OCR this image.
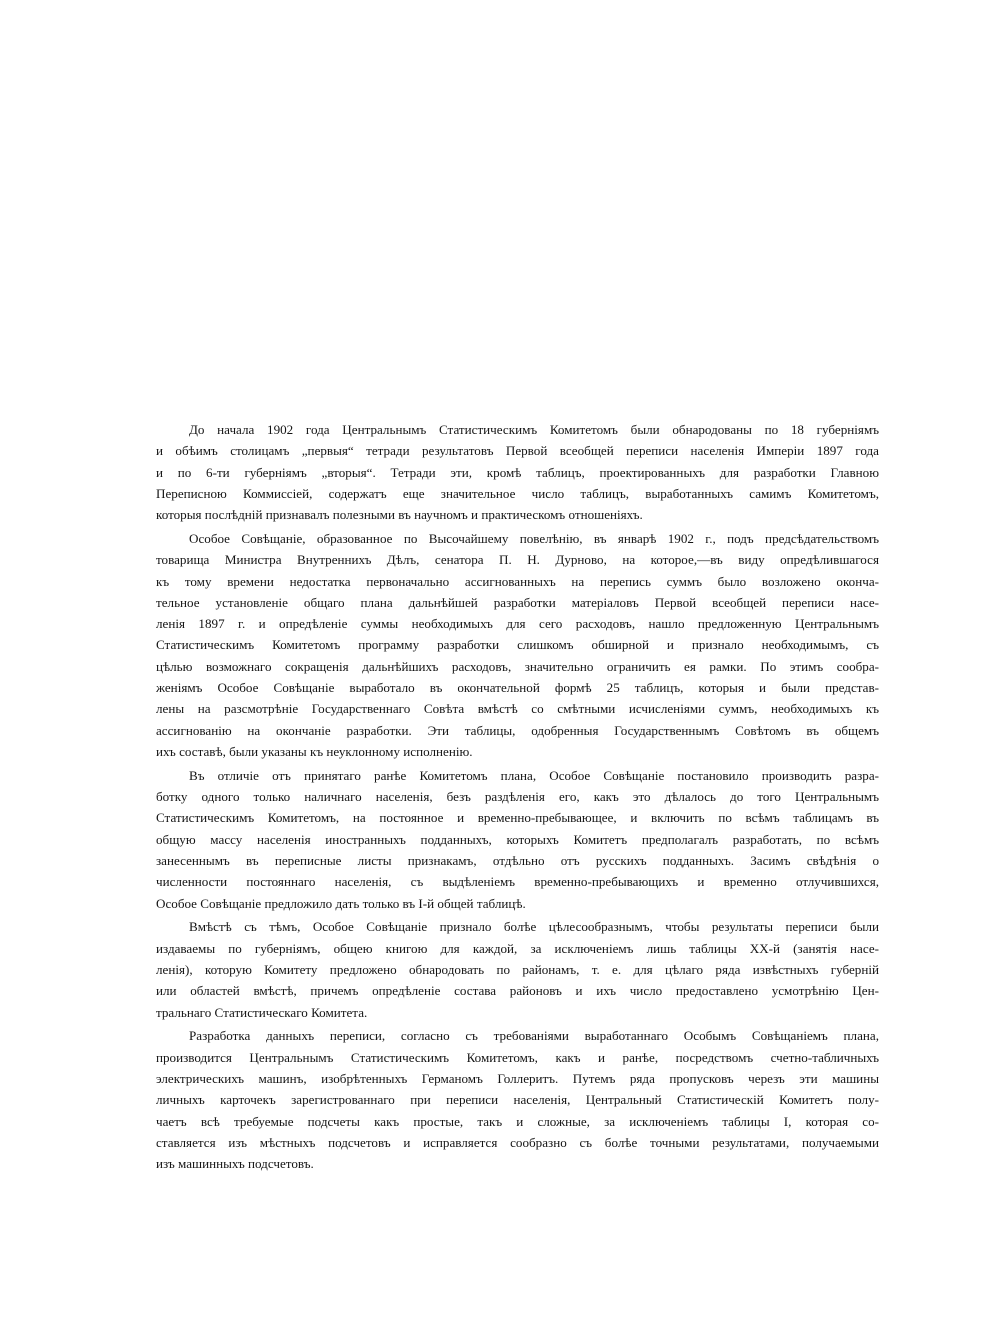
До начала 1902 года Центральнымъ Статистическимъ Комитетомъ были обнародованы по 18 губерніямъ
и обѣимъ столицамъ „первыя“ тетради результатовъ Первой всеобщей переписи населенія Имперіи 1897 года
и по 6-ти губерніямъ „вторыя“. Тетради эти, кромѣ таблицъ, проектированныхъ для разработки Главною
Переписною Коммиссіей, содержатъ еще значительное число таблицъ, выработанныхъ самимъ Комитетомъ,
которыя послѣдній признавалъ полезными въ научномъ и практическомъ отношеніяхъ.
Особое Совѣщаніе, образованное по Высочайшему повелѣнію, въ январѣ 1902 г., подъ предсѣдательствомъ
товарища Министра Внутреннихъ Дѣлъ, сенатора П. Н. Дурново, на которое,—въ виду опредѣлившагося
къ тому времени недостатка первоначально ассигнованныхъ на перепись суммъ было возложено оконча-
тельное установленіе общаго плана дальнѣйшей разработки матеріаловъ Первой всеобщей переписи насе-
ленія 1897 г. и опредѣленіе суммы необходимыхъ для сего расходовъ, нашло предложенную Центральнымъ
Статистическимъ Комитетомъ программу разработки слишкомъ обширной и признало необходимымъ, съ
цѣлью возможнаго сокращенія дальнѣйшихъ расходовъ, значительно ограничить ея рамки. По этимъ сообра-
женіямъ Особое Совѣщаніе выработало въ окончательной формѣ 25 таблицъ, которыя и были представ-
лены на разсмотрѣніе Государственнаго Совѣта вмѣстѣ со смѣтными исчисленіями суммъ, необходимыхъ къ
ассигнованію на окончаніе разработки. Эти таблицы, одобренныя Государственнымъ Совѣтомъ въ общемъ
ихъ составѣ, были указаны къ неуклонному исполненію.
Въ отличіе отъ принятаго ранѣе Комитетомъ плана, Особое Совѣщаніе постановило производить разра-
ботку одного только наличнаго населенія, безъ раздѣленія его, какъ это дѣлалось до того Центральнымъ
Статистическимъ Комитетомъ, на постоянное и временно-пребывающее, и включить по всѣмъ таблицамъ въ
общую массу населенія иностранныхъ подданныхъ, которыхъ Комитетъ предполагалъ разработать, по всѣмъ
занесеннымъ въ переписные листы признакамъ, отдѣльно отъ русскихъ подданныхъ. Засимъ свѣдѣнія о
численности постояннаго населенія, съ выдѣленіемъ временно-пребывающихъ и временно отлучившихся,
Особое Совѣщаніе предложило дать только въ I-й общей таблицѣ.
Вмѣстѣ съ тѣмъ, Особое Совѣщаніе признало болѣе цѣлесообразнымъ, чтобы результаты переписи были
издаваемы по губерніямъ, общею книгою для каждой, за исключеніемъ лишь таблицы XX-й (занятія насе-
ленія), которую Комитету предложено обнародовать по районамъ, т. е. для цѣлаго ряда извѣстныхъ губерній
или областей вмѣстѣ, причемъ опредѣленіе состава районовъ и ихъ число предоставлено усмотрѣнію Цен-
тральнаго Статистическаго Комитета.
Разработка данныхъ переписи, согласно съ требованіями выработаннаго Особымъ Совѣщаніемъ плана,
производится Центральнымъ Статистическимъ Комитетомъ, какъ и ранѣе, посредствомъ счетно-табличныхъ
электрическихъ машинъ, изобрѣтенныхъ Германомъ Голлеритъ. Путемъ ряда пропусковъ черезъ эти машины
личныхъ карточекъ зарегистрованнаго при переписи населенія, Центральный Статистическій Комитетъ полу-
чаетъ всѣ требуемые подсчеты какъ простые, такъ и сложные, за исключеніемъ таблицы I, которая со-
ставляется изъ мѣстныхъ подсчетовъ и исправляется сообразно съ болѣе точными результатами, получаемыми
изъ машинныхъ подсчетовъ.
